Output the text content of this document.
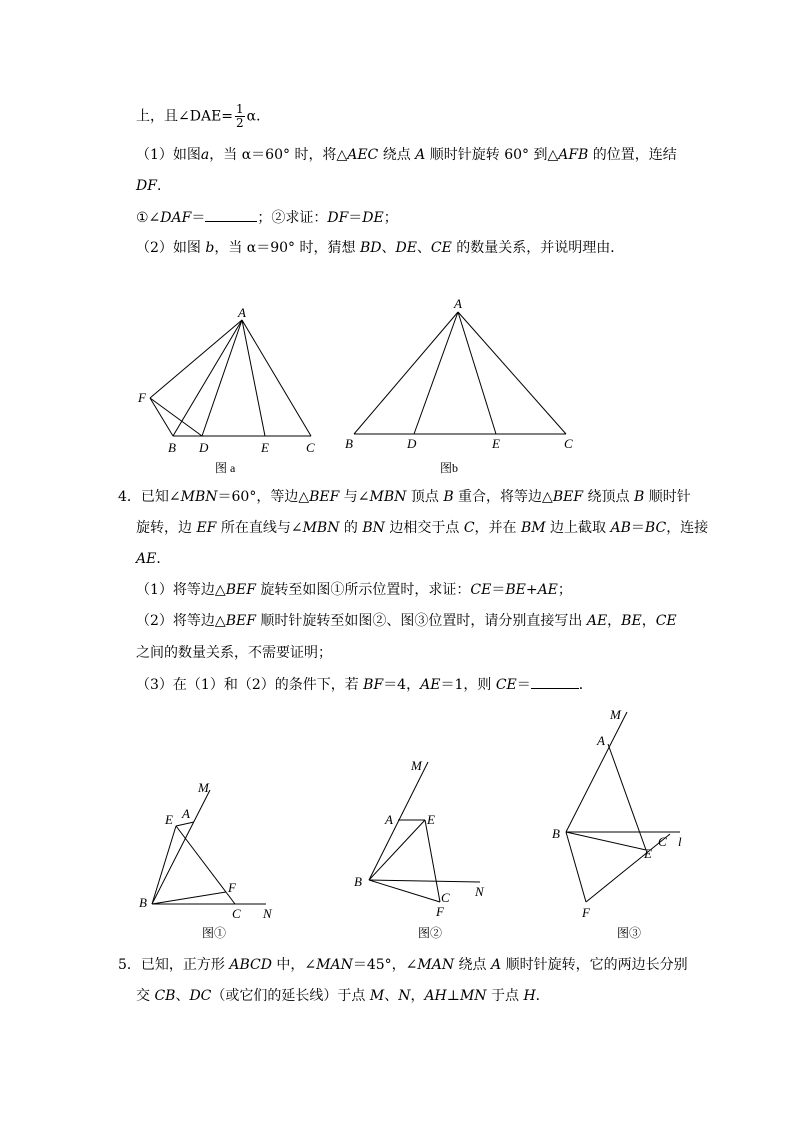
上，且∠DAE= $\frac{1}{2}$ α．
（1）如图a，当 α＝60° 时，将△AEC 绕点 A 顺时针旋转 60° 到△AFB 的位置，连结
DF．
①∠DAF＝	；②求证：DF＝DE；
（2）如图 b，当 α＝90° 时，猜想 BD、DE、CE 的数量关系，并说明理由．
4．已知∠MBN＝60°，等边△BEF 与∠MBN 顶点 B 重合，将等边△BEF 绕顶点 B 顺时针
旋转，边 EF 所在直线与∠MBN 的 BN 边相交于点 C，并在 BM 边上截取 AB＝BC，连接
AE．
（1）将等边△BEF 旋转至如图①所示位置时，求证：CE＝BE+AE；
（2）将等边△BEF 顺时针旋转至如图②、图③位置时，请分别直接写出 AE，BE，CE
之间的数量关系，不需要证明；
（3）在（1）和（2）的条件下，若 BF＝4，AE＝1，则 CE＝	．
5．已知，正方形 ABCD 中，∠MAN＝45°，∠MAN 绕点 A 顺时针旋转，它的两边长分别
交 CB、DC（或它们的延长线）于点 M、N，AH⊥MN 于点 H．
A
F
B D	E	C
图 a
A
B	D	E	C
图b
M
E A
B
F
C N
图①
M
A	E
B
C N
F
图②
M
A
B
C l
E
F
图③
